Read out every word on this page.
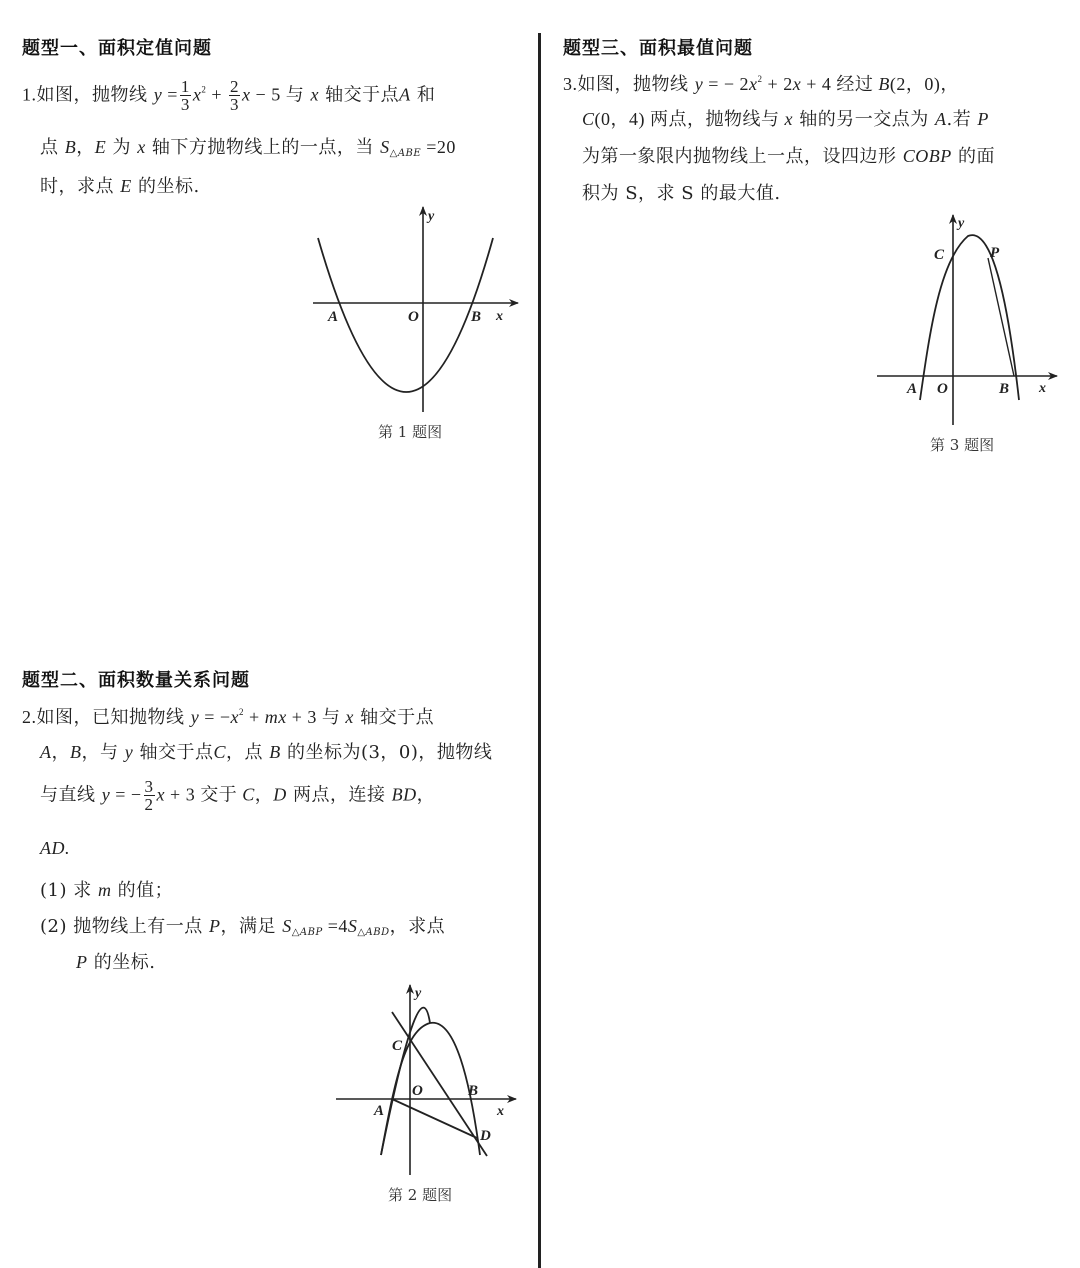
题型一、面积定值问题
1.如图，抛物线 $y = \frac{1}{3} x^2 + \frac{2}{3}$ x − 5 与 x 轴交于点A 和
点 B，E 为 x 轴下方抛物线上的一点，当 $S_{\triangle ABE} =20$
时，求点 E 的坐标.
y
x
A	O	B
y
x
A
O	B
C
D
y
x
A O	B
C	P
第 1 题图
题型二、面积数量关系问题
2.如图，已知抛物线 $y = -x^2$ + mx + 3 与 x 轴交于点
A，B，与 y 轴交于点C，点 B 的坐标为(3，0)，抛物线
与直线 y = − $\frac{3}{2}$ x + 3 交于 C，D 两点，连接 BD，
AD.
(1) 求 m 的值；
(2) 抛物线上有一点 P，满足 $S_{\triangle ABP} =4S_{\triangle ABD}$，求点
P 的坐标.
第 2 题图
题型三、面积最值问题
3.如图，抛物线 y = − $2x^2 + 2x + 4$ 经过 B(2，0)，
C(0，4) 两点，抛物线与 x 轴的另一交点为 A.若 P
为第一象限内抛物线上一点，设四边形 COBP 的面
积为 S，求 S 的最大值.
第 3 题图
